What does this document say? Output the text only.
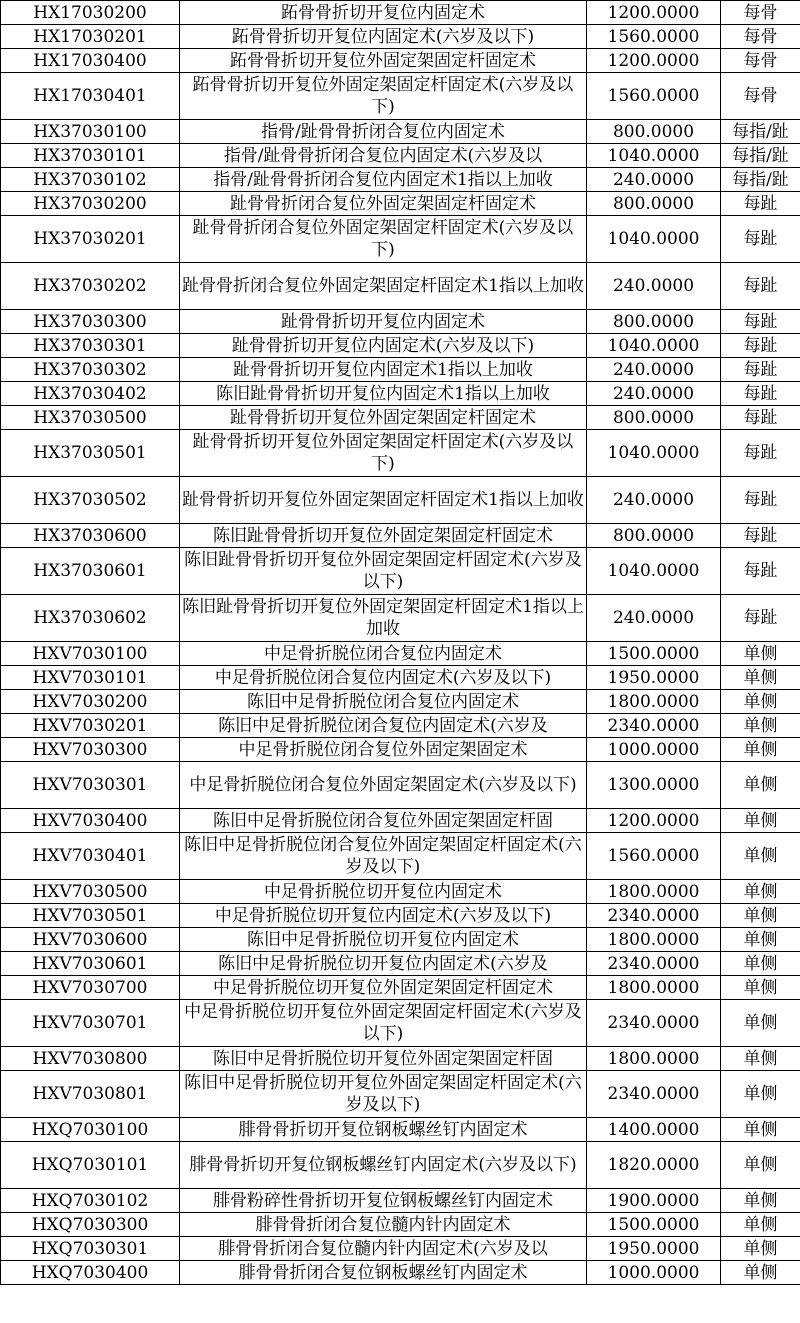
HX17030200	跖骨骨折切开复位内固定术	1200.0000	每骨
HX17030201	跖骨骨折切开复位内固定术(六岁及以下)	1560.0000	每骨
HX17030400	跖骨骨折切开复位外固定架固定杆固定术	1200.0000	每骨
HX17030401	跖骨骨折切开复位外固定架固定杆固定术(六岁及以下)	1560.0000	每骨
HX37030100	指骨/趾骨骨折闭合复位内固定术	800.0000	每指/趾
HX37030101	指骨/趾骨骨折闭合复位内固定术(六岁及以	1040.0000	每指/趾
HX37030102	指骨/趾骨骨折闭合复位内固定术1指以上加收	240.0000	每指/趾
HX37030200	趾骨骨折闭合复位外固定架固定杆固定术	800.0000	每趾
HX37030201	趾骨骨折闭合复位外固定架固定杆固定术(六岁及以下)	1040.0000	每趾
HX37030202	趾骨骨折闭合复位外固定架固定杆固定术1指以上加收	240.0000	每趾
HX37030300	趾骨骨折切开复位内固定术	800.0000	每趾
HX37030301	趾骨骨折切开复位内固定术(六岁及以下)	1040.0000	每趾
HX37030302	趾骨骨折切开复位内固定术1指以上加收	240.0000	每趾
HX37030402	陈旧趾骨骨折切开复位内固定术1指以上加收	240.0000	每趾
HX37030500	趾骨骨折切开复位外固定架固定杆固定术	800.0000	每趾
HX37030501	趾骨骨折切开复位外固定架固定杆固定术(六岁及以下)	1040.0000	每趾
HX37030502	趾骨骨折切开复位外固定架固定杆固定术1指以上加收	240.0000	每趾
HX37030600	陈旧趾骨骨折切开复位外固定架固定杆固定术	800.0000	每趾
HX37030601	陈旧趾骨骨折切开复位外固定架固定杆固定术(六岁及以下)	1040.0000	每趾
HX37030602	陈旧趾骨骨折切开复位外固定架固定杆固定术1指以上加收	240.0000	每趾
HXV7030100	中足骨折脱位闭合复位内固定术	1500.0000	单侧
HXV7030101	中足骨折脱位闭合复位内固定术(六岁及以下)	1950.0000	单侧
HXV7030200	陈旧中足骨折脱位闭合复位内固定术	1800.0000	单侧
HXV7030201	陈旧中足骨折脱位闭合复位内固定术(六岁及	2340.0000	单侧
HXV7030300	中足骨折脱位闭合复位外固定架固定术	1000.0000	单侧
HXV7030301	中足骨折脱位闭合复位外固定架固定术(六岁及以下)	1300.0000	单侧
HXV7030400	陈旧中足骨折脱位闭合复位外固定架固定杆固	1200.0000	单侧
HXV7030401	陈旧中足骨折脱位闭合复位外固定架固定杆固定术(六岁及以下)	1560.0000	单侧
HXV7030500	中足骨折脱位切开复位内固定术	1800.0000	单侧
HXV7030501	中足骨折脱位切开复位内固定术(六岁及以下)	2340.0000	单侧
HXV7030600	陈旧中足骨折脱位切开复位内固定术	1800.0000	单侧
HXV7030601	陈旧中足骨折脱位切开复位内固定术(六岁及	2340.0000	单侧
HXV7030700	中足骨折脱位切开复位外固定架固定杆固定术	1800.0000	单侧
HXV7030701	中足骨折脱位切开复位外固定架固定杆固定术(六岁及以下)	2340.0000	单侧
HXV7030800	陈旧中足骨折脱位切开复位外固定架固定杆固	1800.0000	单侧
HXV7030801	陈旧中足骨折脱位切开复位外固定架固定杆固定术(六岁及以下)	2340.0000	单侧
HXQ7030100	腓骨骨折切开复位钢板螺丝钉内固定术	1400.0000	单侧
HXQ7030101	腓骨骨折切开复位钢板螺丝钉内固定术(六岁及以下)	1820.0000	单侧
HXQ7030102	腓骨粉碎性骨折切开复位钢板螺丝钉内固定术	1900.0000	单侧
HXQ7030300	腓骨骨折闭合复位髓内针内固定术	1500.0000	单侧
HXQ7030301	腓骨骨折闭合复位髓内针内固定术(六岁及以	1950.0000	单侧
HXQ7030400	腓骨骨折闭合复位钢板螺丝钉内固定术	1000.0000	单侧
